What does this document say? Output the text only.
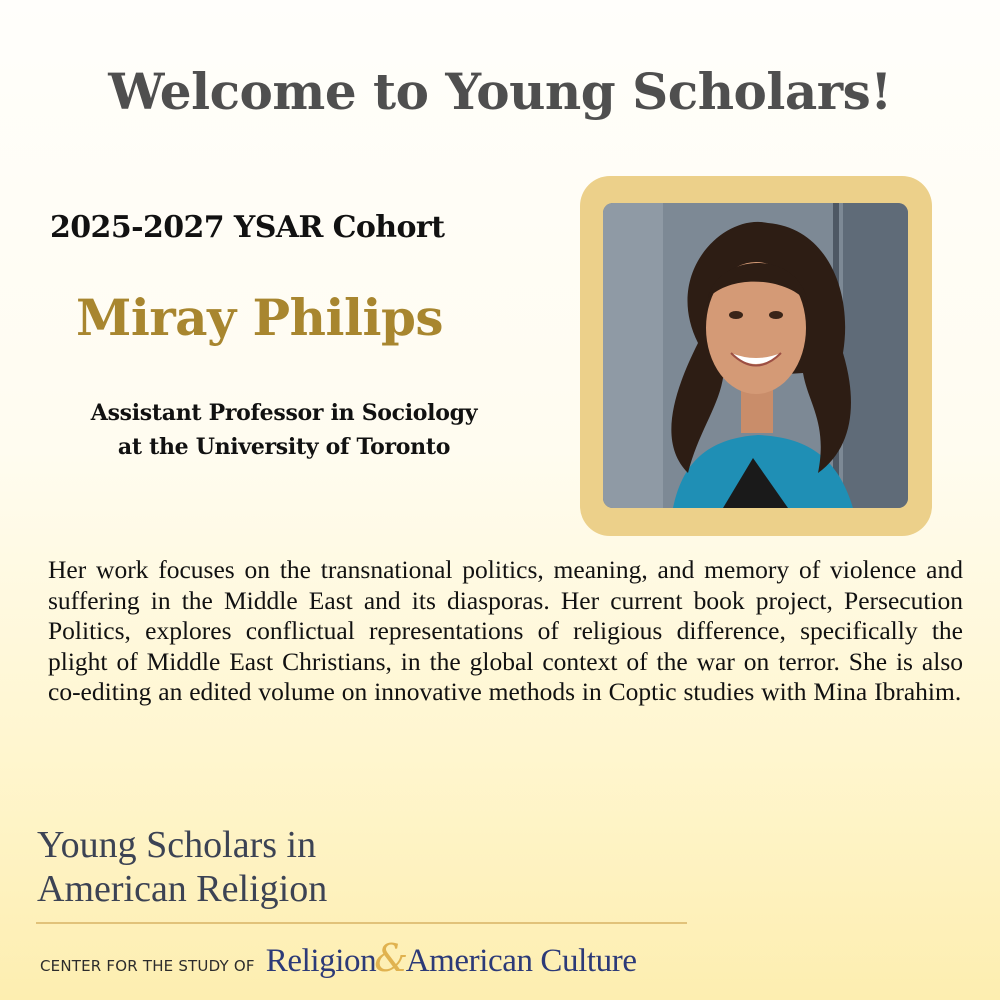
Welcome to Young Scholars!
2025-2027 YSAR Cohort
Miray Philips
Assistant Professor in Sociology
at the University of Toronto
Her work focuses on the transnational politics, meaning, and memory of violence and suffering in the Middle East and its diasporas. Her current book project, Persecution Politics, explores conflictual representations of religious difference, specifically the plight of Middle East Christians, in the global context of the war on terror. She is also co-editing an edited volume on innovative methods in Coptic studies with Mina Ibrahim.
Young Scholars in
American Religion
CENTER FOR THE STUDY OF Religion&American Culture
